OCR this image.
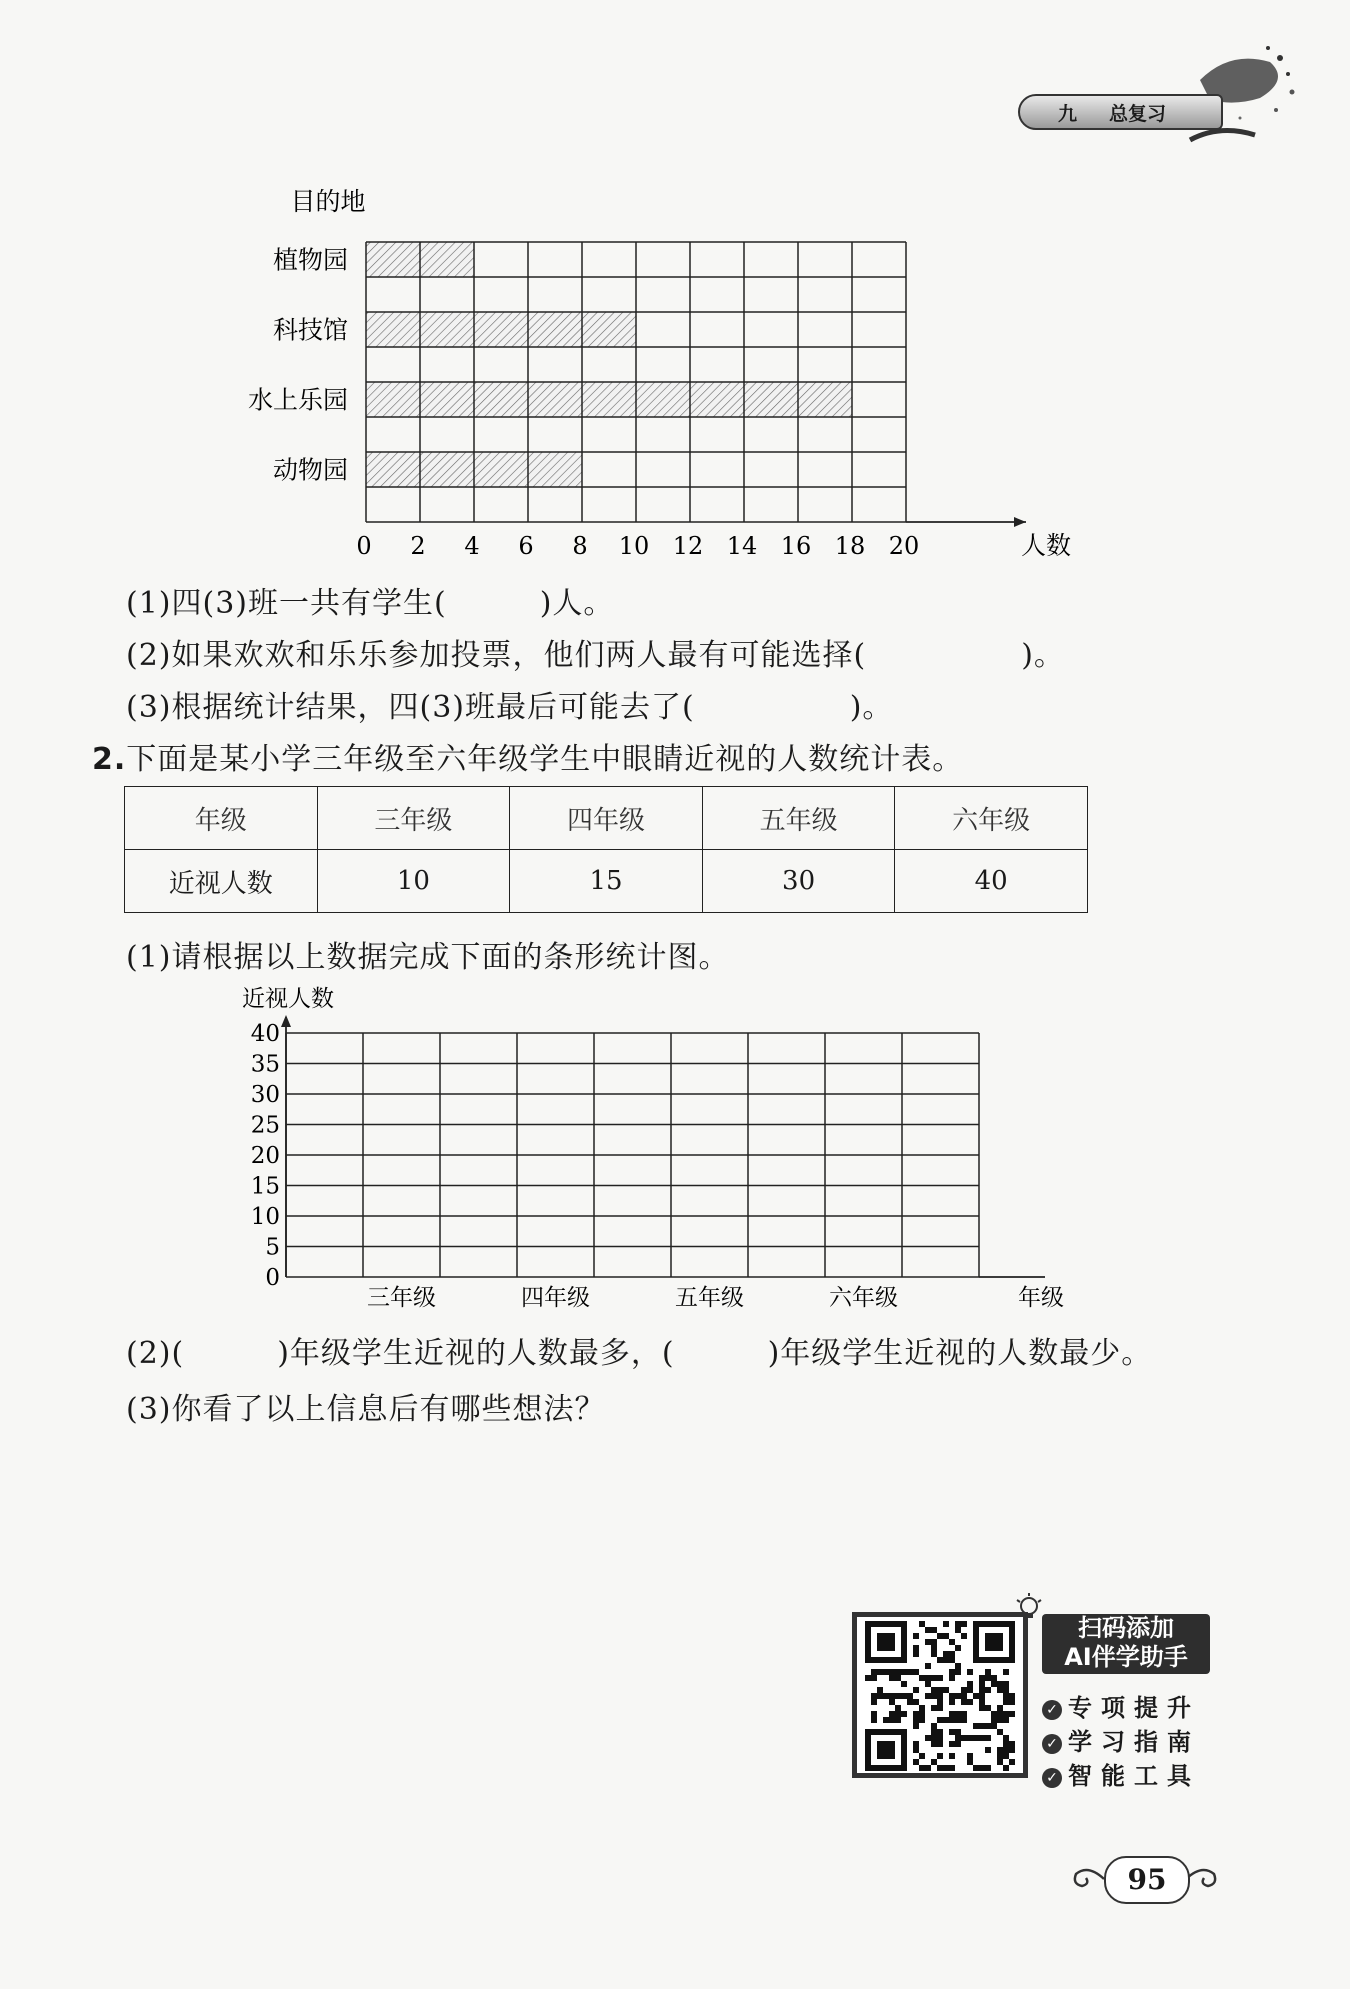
九 总复习
植物园
科技馆
水上乐园
动物园
0 2 4 6 8 10 12 14 16 18 20	人数
目的地
(1)四(3)班一共有学生(　　　)人。
(2)如果欢欢和乐乐参加投票，他们两人最有可能选择(　　　　　)。
(3)根据统计结果，四(3)班最后可能去了(　　　　　)。
2.下面是某小学三年级至六年级学生中眼睛近视的人数统计表。
年级	三年级	四年级	五年级	六年级
近视人数	10	15	30	40
(1)请根据以上数据完成下面的条形统计图。
0
5
10
15
20
25
30
35
40
三年级	四年级	五年级	六年级	年级
近视人数
(2)(　　　)年级学生近视的人数最多，(　　　)年级学生近视的人数最少。
(3)你看了以上信息后有哪些想法？
扫码添加
AI伴学助手
✓ 专项提升
✓ 学习指南
✓ 智能工具
95
